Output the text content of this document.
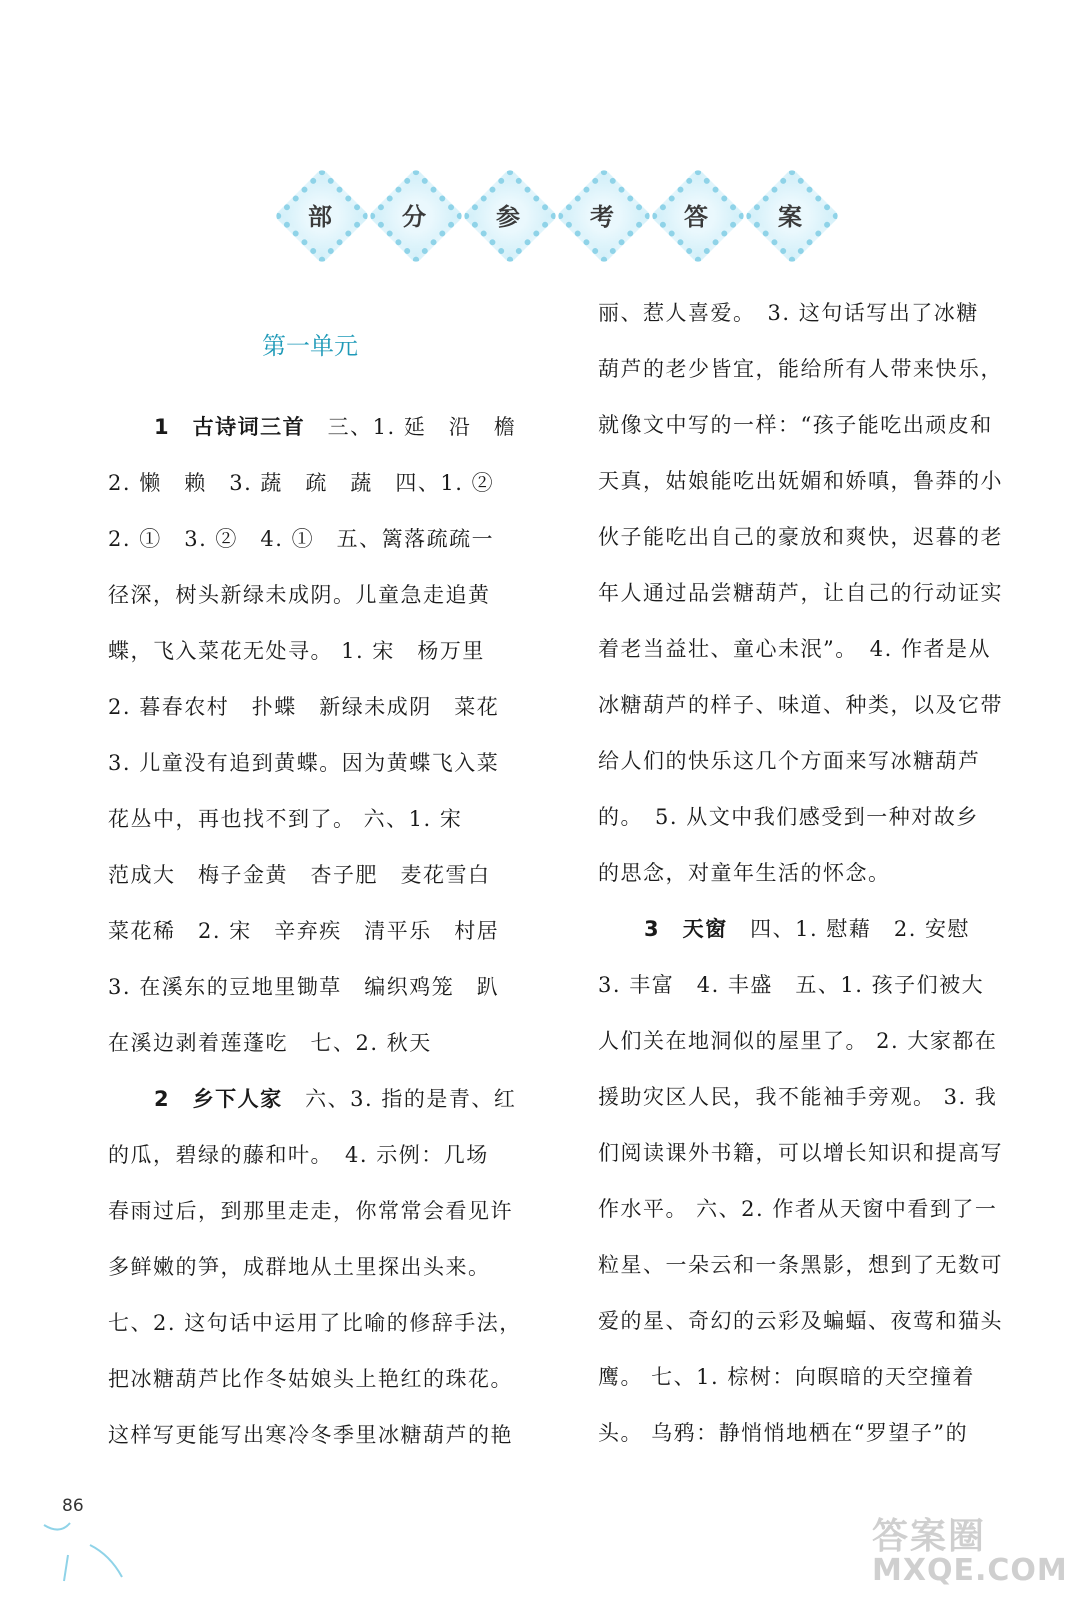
部	分	参	考	答	案
第一单元
1　古诗词三首　三、1. 延　沿　檐
2. 懒　赖　3. 蔬　疏　蔬　四、1. ②
2. ①　3. ②　4. ①　五、篱落疏疏一
径深，树头新绿未成阴。儿童急走追黄
蝶，飞入菜花无处寻。 1. 宋　杨万里
2. 暮春农村　扑蝶　新绿未成阴　菜花
3. 儿童没有追到黄蝶。因为黄蝶飞入菜
花丛中，再也找不到了。 六、1. 宋
范成大　梅子金黄　杏子肥　麦花雪白
菜花稀　2. 宋　辛弃疾　清平乐　村居
3. 在溪东的豆地里锄草　编织鸡笼　趴
在溪边剥着莲蓬吃　七、2. 秋天
2　乡下人家　六、3. 指的是青、红
的瓜，碧绿的藤和叶。　4. 示例：几场
春雨过后，到那里走走，你常常会看见许
多鲜嫩的笋，成群地从土里探出头来。
七、2. 这句话中运用了比喻的修辞手法，
把冰糖葫芦比作冬姑娘头上艳红的珠花。
这样写更能写出寒冷冬季里冰糖葫芦的艳
丽、惹人喜爱。　3. 这句话写出了冰糖
葫芦的老少皆宜，能给所有人带来快乐，
就像文中写的一样：“孩子能吃出顽皮和
天真，姑娘能吃出妩媚和娇嗔，鲁莽的小
伙子能吃出自己的豪放和爽快，迟暮的老
年人通过品尝糖葫芦，让自己的行动证实
着老当益壮、童心未泯”。　4. 作者是从
冰糖葫芦的样子、味道、种类，以及它带
给人们的快乐这几个方面来写冰糖葫芦
的。　5. 从文中我们感受到一种对故乡
的思念，对童年生活的怀念。
3　天窗　四、1. 慰藉　2. 安慰
3. 丰富　4. 丰盛　五、1. 孩子们被大
人们关在地洞似的屋里了。 2. 大家都在
援助灾区人民，我不能袖手旁观。 3. 我
们阅读课外书籍，可以增长知识和提高写
作水平。 六、2. 作者从天窗中看到了一
粒星、一朵云和一条黑影，想到了无数可
爱的星、奇幻的云彩及蝙蝠、夜莺和猫头
鹰。 七、1. 棕树：向暝暗的天空撞着
头。 乌鸦：静悄悄地栖在“罗望子”的
86
答案圈
MXQE.COM
